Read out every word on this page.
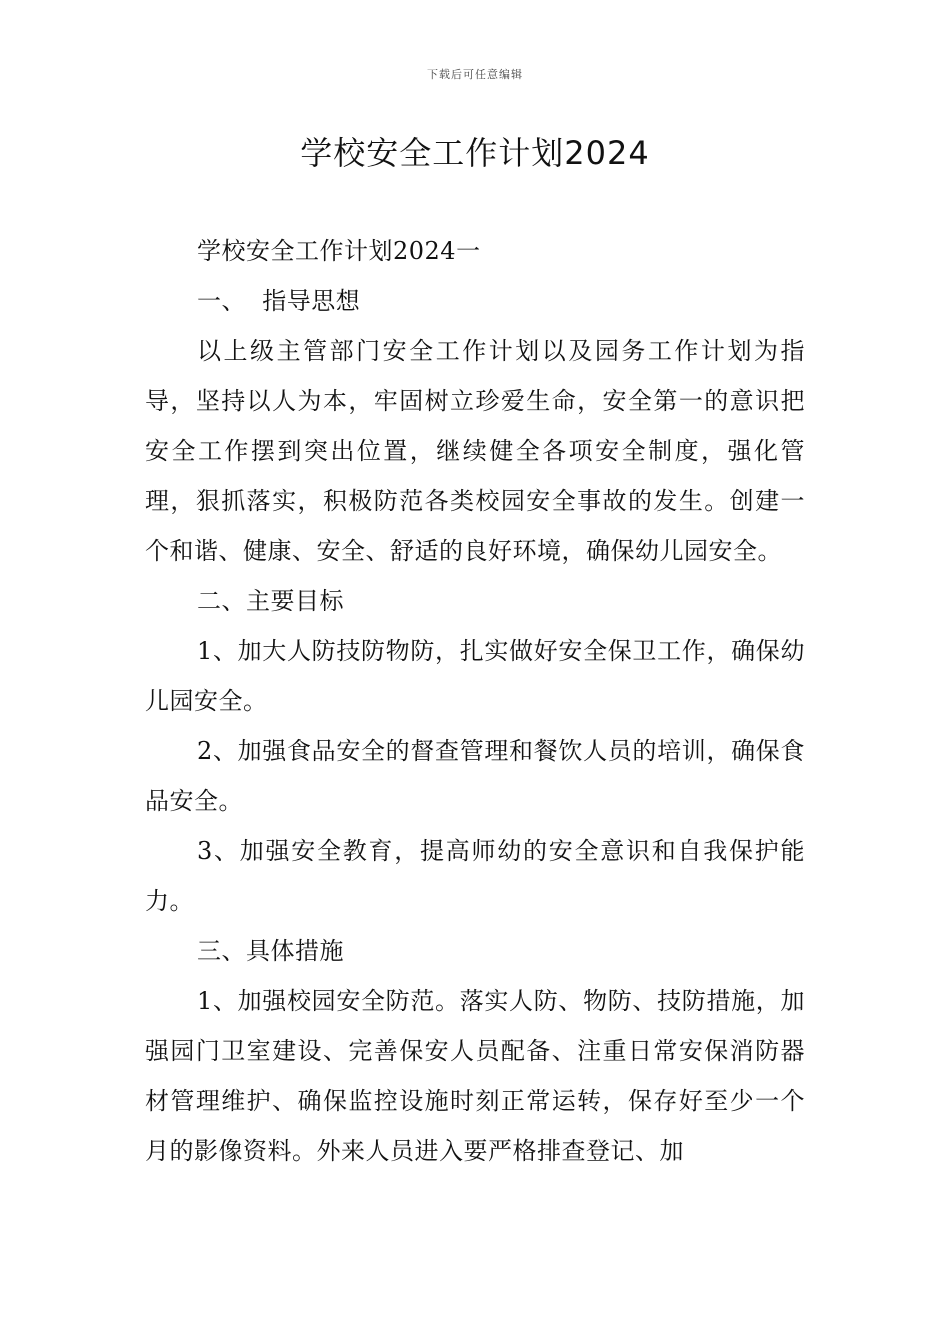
下载后可任意编辑
学校安全工作计划2024

学校安全工作计划2024一

一、  指导思想

以上级主管部门安全工作计划以及园务工作计划为指导，坚持以人为本，牢固树立珍爱生命，安全第一的意识把安全工作摆到突出位置，继续健全各项安全制度，强化管理，狠抓落实，积极防范各类校园安全事故的发生。创建一个和谐、健康、安全、舒适的良好环境，确保幼儿园安全。

二、主要目标

1、加大人防技防物防，扎实做好安全保卫工作，确保幼儿园安全。

2、加强食品安全的督查管理和餐饮人员的培训，确保食品安全。

3、加强安全教育，提高师幼的安全意识和自我保护能力。

三、具体措施

1、加强校园安全防范。落实人防、物防、技防措施，加强园门卫室建设、完善保安人员配备、注重日常安保消防器材管理维护、确保监控设施时刻正常运转，保存好至少一个月的影像资料。外来人员进入要严格排查登记、加
